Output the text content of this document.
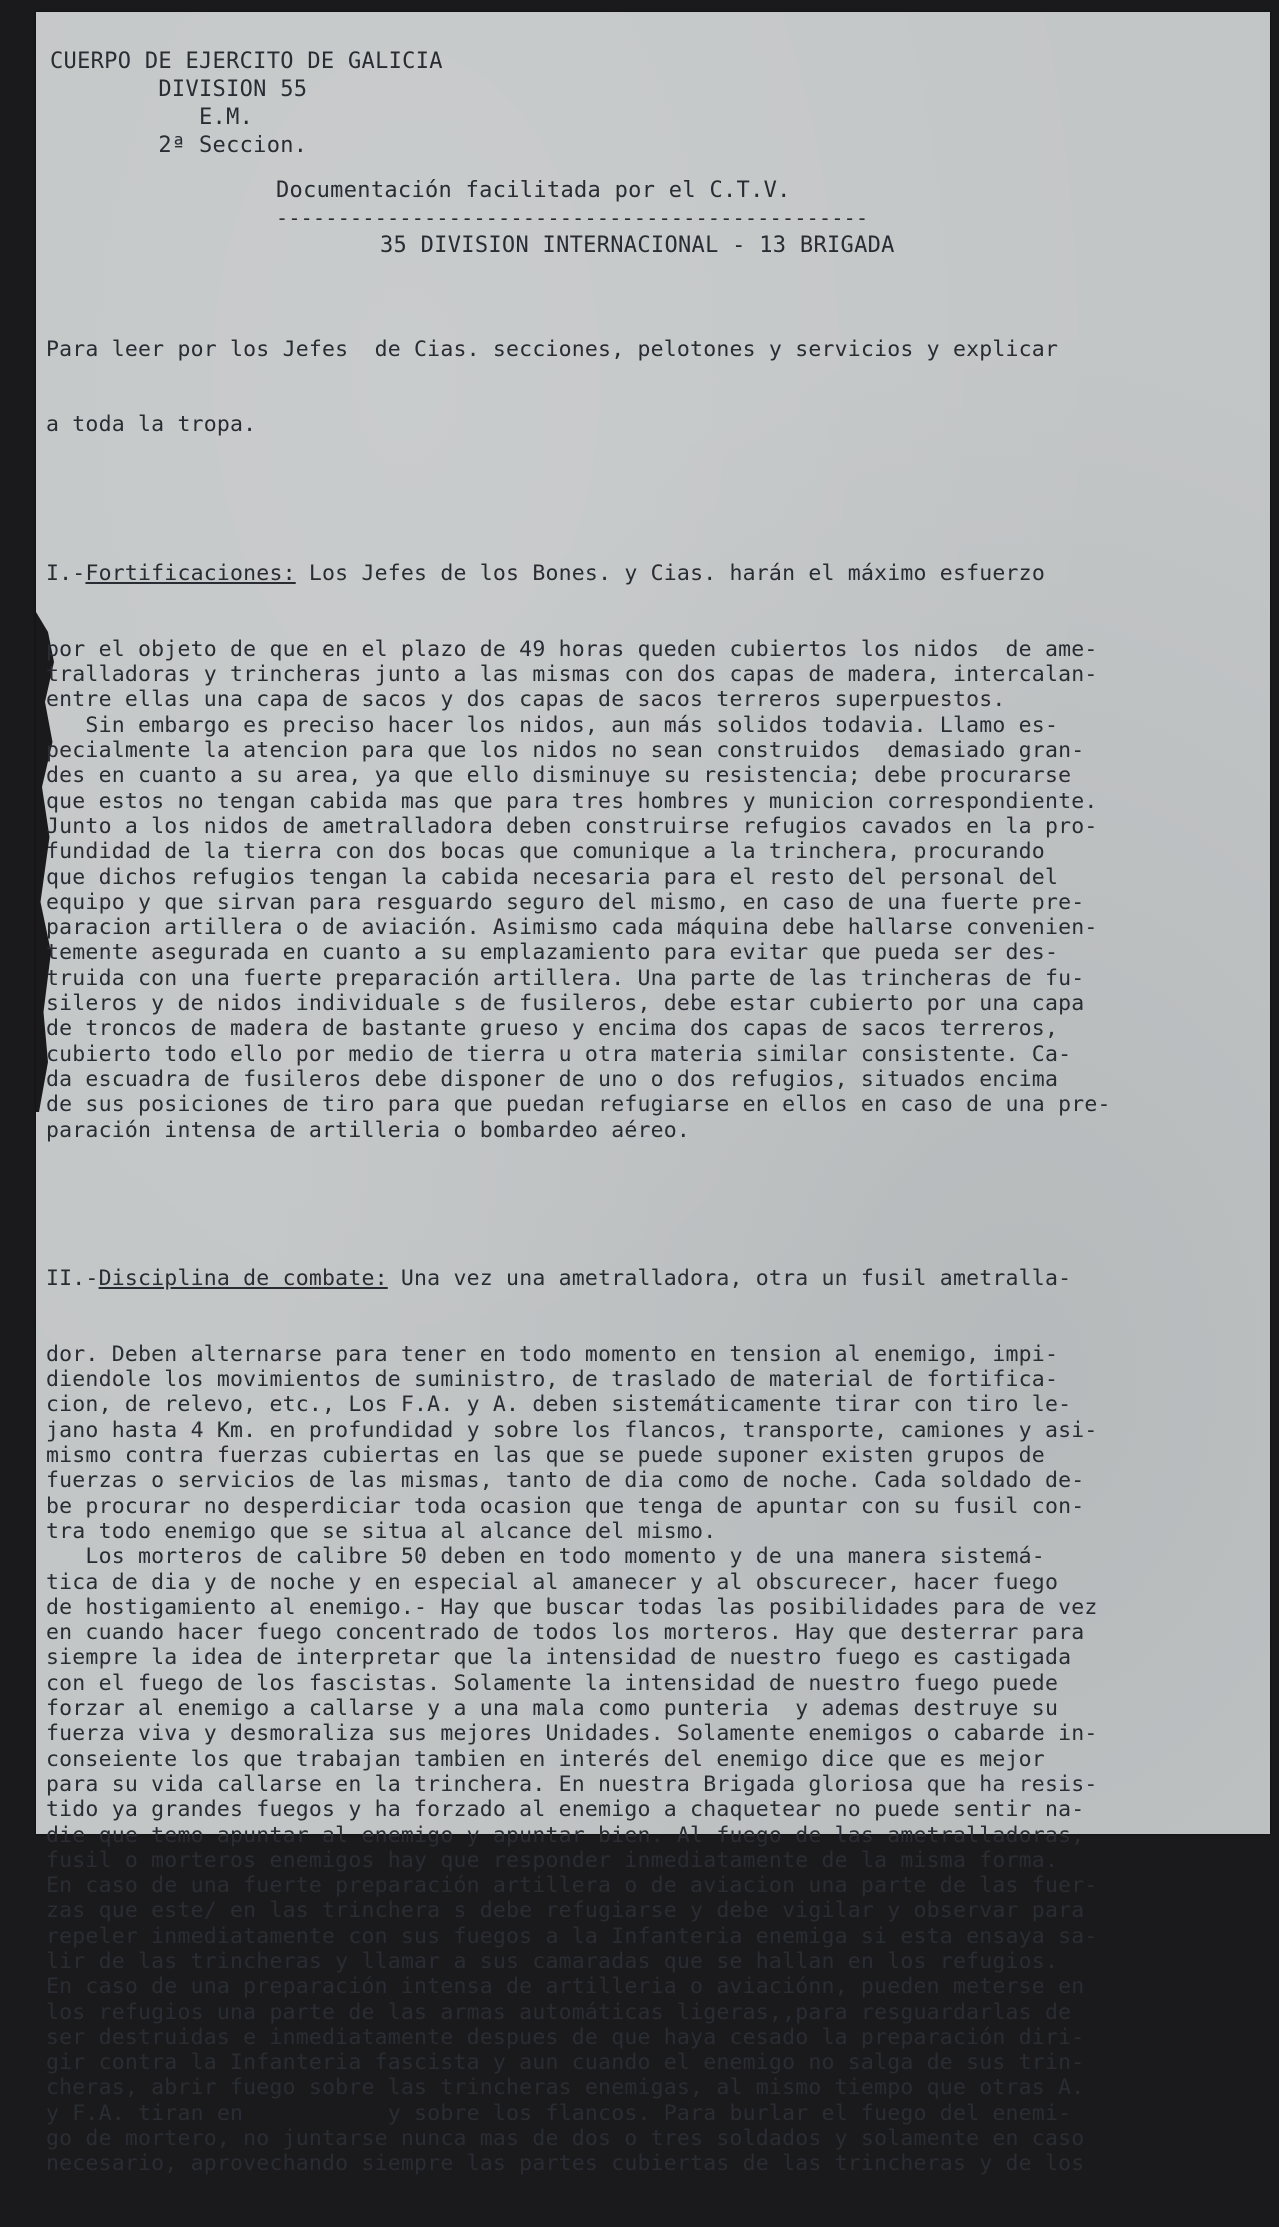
CUERPO DE EJERCITO DE GALICIA
DIVISION 55
E.M.
2ª Seccion.
Documentación facilitada por el C.T.V.
------------------------------------------------
35 DIVISION INTERNACIONAL - 13 BRIGADA

Para leer por los Jefes  de Cias. secciones, pelotones y servicios y explicar

a toda la tropa.

I.-Fortificaciones: Los Jefes de los Bones. y Cias. harán el máximo esfuerzo

por el objeto de que en el plazo de 49 horas queden cubiertos los nidos  de ame-
tralladoras y trincheras junto a las mismas con dos capas de madera, intercalan-
entre ellas una capa de sacos y dos capas de sacos terreros superpuestos.
Sin embargo es preciso hacer los nidos, aun más solidos todavia. Llamo es-
pecialmente la atencion para que los nidos no sean construidos  demasiado gran-
des en cuanto a su area, ya que ello disminuye su resistencia; debe procurarse
que estos no tengan cabida mas que para tres hombres y municion correspondiente.
Junto a los nidos de ametralladora deben construirse refugios cavados en la pro-
fundidad de la tierra con dos bocas que comunique a la trinchera, procurando
que dichos refugios tengan la cabida necesaria para el resto del personal del
equipo y que sirvan para resguardo seguro del mismo, en caso de una fuerte pre-
paracion artillera o de aviación. Asimismo cada máquina debe hallarse convenien-
temente asegurada en cuanto a su emplazamiento para evitar que pueda ser des-
truida con una fuerte preparación artillera. Una parte de las trincheras de fu-
sileros y de nidos individuale s de fusileros, debe estar cubierto por una capa
de troncos de madera de bastante grueso y encima dos capas de sacos terreros,
cubierto todo ello por medio de tierra u otra materia similar consistente. Ca-
da escuadra de fusileros debe disponer de uno o dos refugios, situados encima
de sus posiciones de tiro para que puedan refugiarse en ellos en caso de una pre-
paración intensa de artilleria o bombardeo aéreo.

II.-Disciplina de combate: Una vez una ametralladora, otra un fusil ametralla-

dor. Deben alternarse para tener en todo momento en tension al enemigo, impi-
diendole los movimientos de suministro, de traslado de material de fortifica-
cion, de relevo, etc., Los F.A. y A. deben sistemáticamente tirar con tiro le-
jano hasta 4 Km. en profundidad y sobre los flancos, transporte, camiones y asi-
mismo contra fuerzas cubiertas en las que se puede suponer existen grupos de
fuerzas o servicios de las mismas, tanto de dia como de noche. Cada soldado de-
be procurar no desperdiciar toda ocasion que tenga de apuntar con su fusil con-
tra todo enemigo que se situa al alcance del mismo.
Los morteros de calibre 50 deben en todo momento y de una manera sistemá-
tica de dia y de noche y en especial al amanecer y al obscurecer, hacer fuego
de hostigamiento al enemigo.- Hay que buscar todas las posibilidades para de vez
en cuando hacer fuego concentrado de todos los morteros. Hay que desterrar para
siempre la idea de interpretar que la intensidad de nuestro fuego es castigada
con el fuego de los fascistas. Solamente la intensidad de nuestro fuego puede
forzar al enemigo a callarse y a una mala como punteria  y ademas destruye su
fuerza viva y desmoraliza sus mejores Unidades. Solamente enemigos o cabarde in-
conseiente los que trabajan tambien en interés del enemigo dice que es mejor
para su vida callarse en la trinchera. En nuestra Brigada gloriosa que ha resis-
tido ya grandes fuegos y ha forzado al enemigo a chaquetear no puede sentir na-
die que temo apuntar al enemigo y apuntar bien. Al fuego de las ametralladoras,
fusil o morteros enemigos hay que responder inmediatamente de la misma forma.
En caso de una fuerte preparación artillera o de aviacion una parte de las fuer-
zas que este/ en las trinchera s debe refugiarse y debe vigilar y observar para
repeler inmediatamente con sus fuegos a la Infanteria enemiga si esta ensaya sa-
lir de las trincheras y llamar a sus camaradas que se hallan en los refugios.
En caso de una preparación intensa de artilleria o aviaciónn, pueden meterse en
los refugios una parte de las armas automáticas ligeras,,para resguardarlas de
ser destruidas e inmediatamente despues de que haya cesado la preparación diri-
gir contra la Infanteria fascista y aun cuando el enemigo no salga de sus trin-
cheras, abrir fuego sobre las trincheras enemigas, al mismo tiempo que otras A.
y F.A. tiran en           y sobre los flancos. Para burlar el fuego del enemi-
go de mortero, no juntarse nunca mas de dos o tres soldados y solamente en caso
necesario, aprovechando siempre las partes cubiertas de las trincheras y de los
